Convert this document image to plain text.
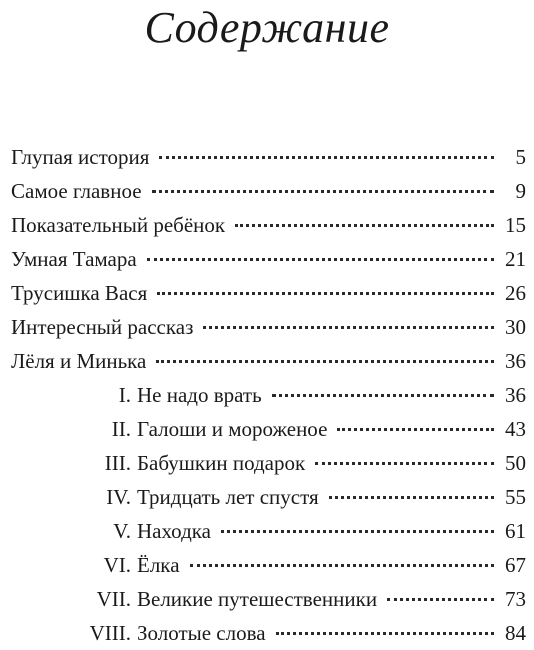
Содержание
Глупая история	5
Самое главное	9
Показательный ребёнок	15
Умная Тамара	21
Трусишка Вася	26
Интересный рассказ	30
Лёля и Минька	36
I. Не надо врать	36
II. Галоши и мороженое	43
III. Бабушкин подарок	50
IV. Тридцать лет спустя	55
V. Находка	61
VI. Ёлка	67
VII. Великие путешественники	73
VIII. Золотые слова	84
